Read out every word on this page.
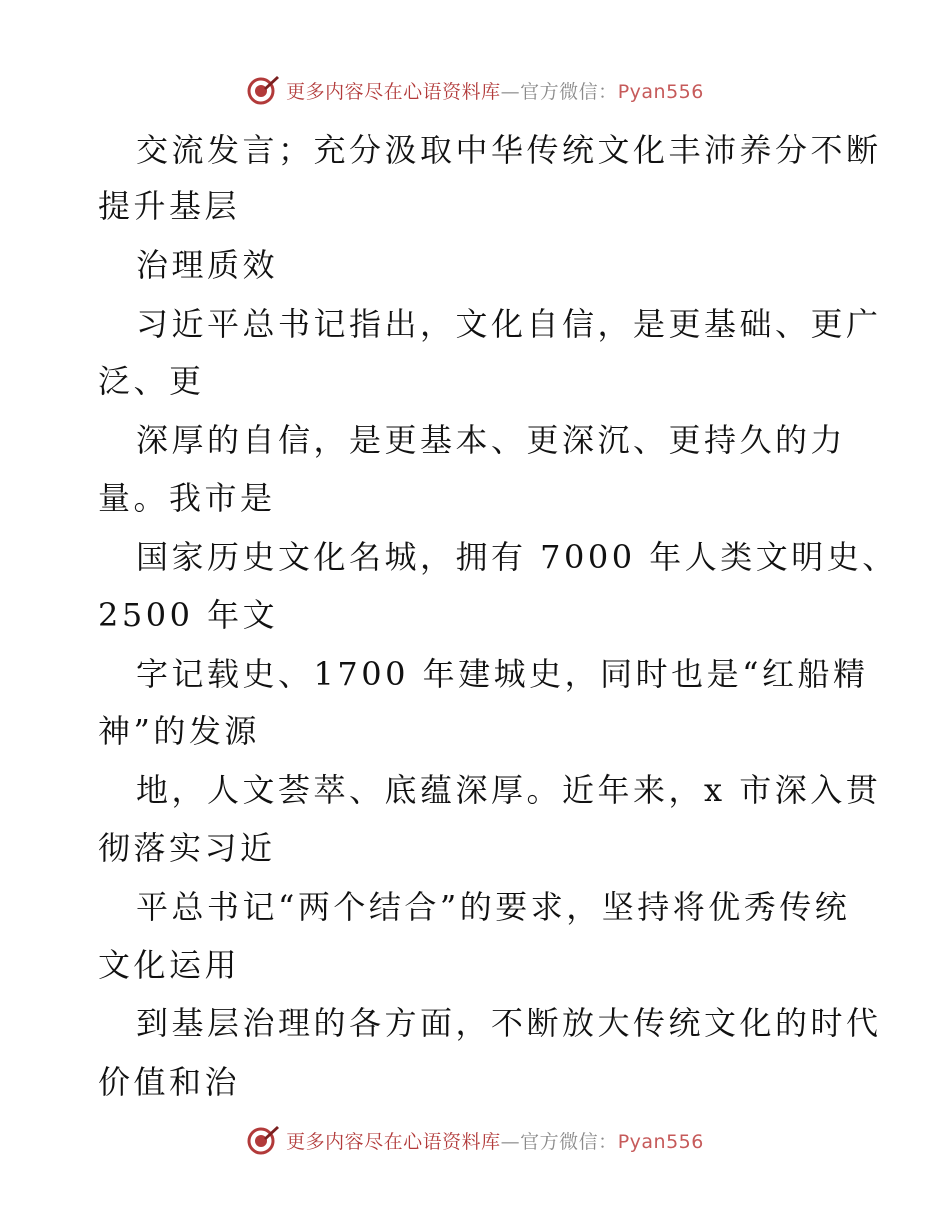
更多内容尽在心语资料库—官方微信：Pyan556
交流发言；充分汲取中华传统文化丰沛养分不断
提升基层
治理质效
习近平总书记指出，文化自信，是更基础、更广
泛、更
深厚的自信，是更基本、更深沉、更持久的力
量。我市是
国家历史文化名城，拥有 7000 年人类文明史、
2500 年文
字记载史、1700 年建城史，同时也是“红船精
神”的发源
地，人文荟萃、底蕴深厚。近年来，x 市深入贯
彻落实习近
平总书记“两个结合”的要求，坚持将优秀传统
文化运用
到基层治理的各方面，不断放大传统文化的时代
价值和治
更多内容尽在心语资料库—官方微信：Pyan556
